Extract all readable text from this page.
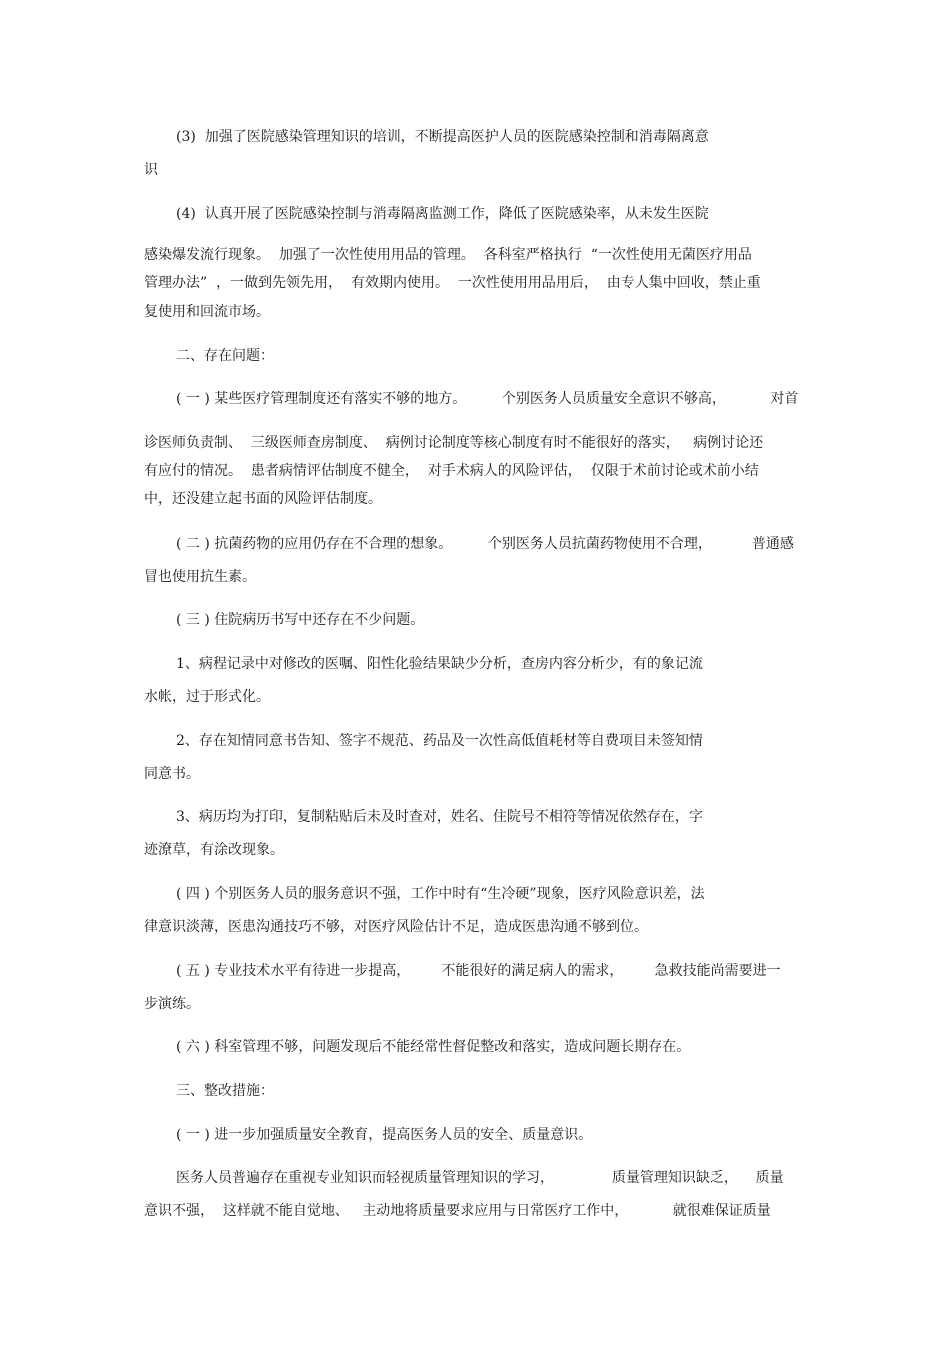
(3)  加强了医院感染管理知识的培训，不断提高医护人员的医院感染控制和消毒隔离意
识
(4)  认真开展了医院感染控制与消毒隔离监测工作，降低了医院感染率，从未发生医院
感染爆发流行现象。  加强了一次性使用用品的管理。  各科室严格执行  “一次性使用无菌医疗用品
管理办法”  ，一做到先领先用，  有效期内使用。  一次性使用用品用后，  由专人集中回收，禁止重
复使用和回流市场。
二、存在问题：
( 一 ) 某些医疗管理制度还有落实不够的地方。        个别医务人员质量安全意识不够高，          对首
诊医师负责制、  三级医师查房制度、  病例讨论制度等核心制度有时不能很好的落实，   病例讨论还
有应付的情况。  患者病情评估制度不健全，  对手术病人的风险评估，  仅限于术前讨论或术前小结
中，还没建立起书面的风险评估制度。
( 二 ) 抗菌药物的应用仍存在不合理的想象。        个别医务人员抗菌药物使用不合理，         普通感
冒也使用抗生素。
( 三 ) 住院病历书写中还存在不少问题。
1、病程记录中对修改的医嘱、阳性化验结果缺少分析，查房内容分析少，有的象记流
水帐，过于形式化。
2、存在知情同意书告知、签字不规范、药品及一次性高低值耗材等自费项目未签知情
同意书。
3、病历均为打印，复制粘贴后未及时查对，姓名、住院号不相符等情况依然存在，字
迹潦草，有涂改现象。
( 四 ) 个别医务人员的服务意识不强，工作中时有“生冷硬”现象，医疗风险意识差，法
律意识淡薄，医患沟通技巧不够，对医疗风险估计不足，造成医患沟通不够到位。
( 五 ) 专业技术水平有待进一步提高，       不能很好的满足病人的需求，       急救技能尚需要进一
步演练。
( 六 ) 科室管理不够，问题发现后不能经常性督促整改和落实，造成问题长期存在。
三、整改措施：
( 一 ) 进一步加强质量安全教育，提高医务人员的安全、质量意识。
医务人员普遍存在重视专业知识而轻视质量管理知识的学习，             质量管理知识缺乏，    质量
意识不强，  这样就不能自觉地、   主动地将质量要求应用与日常医疗工作中，          就很难保证质量
